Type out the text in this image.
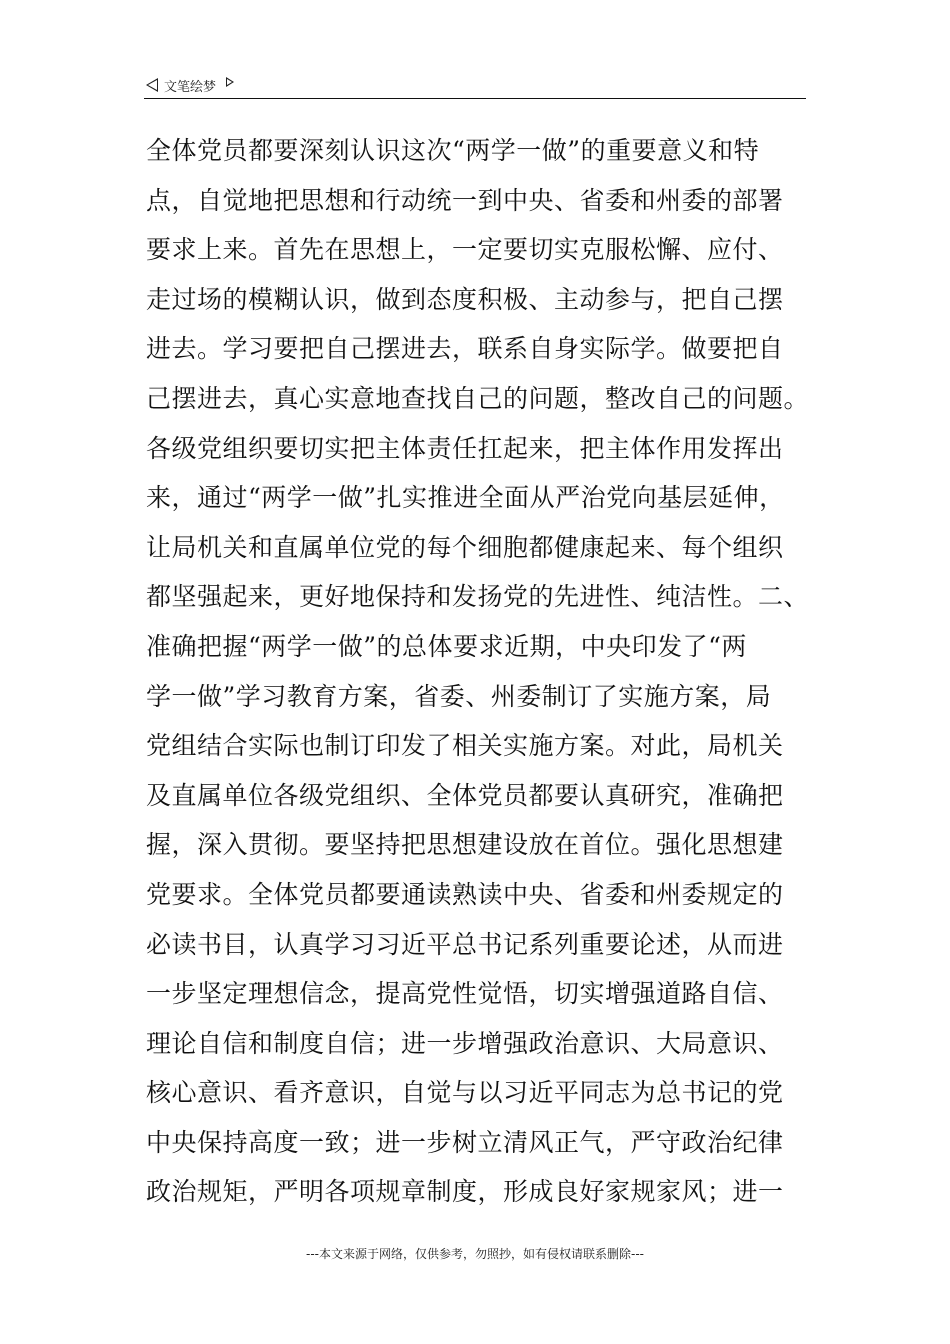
文笔绘梦
全体党员都要深刻认识这次“两学一做”的重要意义和特
点，自觉地把思想和行动统一到中央、省委和州委的部署
要求上来。首先在思想上，一定要切实克服松懈、应付、
走过场的模糊认识，做到态度积极、主动参与，把自己摆
进去。学习要把自己摆进去，联系自身实际学。做要把自
己摆进去，真心实意地查找自己的问题，整改自己的问题。
各级党组织要切实把主体责任扛起来，把主体作用发挥出
来，通过“两学一做”扎实推进全面从严治党向基层延伸，
让局机关和直属单位党的每个细胞都健康起来、每个组织
都坚强起来，更好地保持和发扬党的先进性、纯洁性。二、
准确把握“两学一做”的总体要求近期，中央印发了“两
学一做”学习教育方案，省委、州委制订了实施方案，局
党组结合实际也制订印发了相关实施方案。对此，局机关
及直属单位各级党组织、全体党员都要认真研究，准确把
握，深入贯彻。要坚持把思想建设放在首位。强化思想建
党要求。全体党员都要通读熟读中央、省委和州委规定的
必读书目，认真学习习近平总书记系列重要论述，从而进
一步坚定理想信念，提高党性觉悟，切实增强道路自信、
理论自信和制度自信；进一步增强政治意识、大局意识、
核心意识、看齐意识，自觉与以习近平同志为总书记的党
中央保持高度一致；进一步树立清风正气，严守政治纪律
政治规矩，严明各项规章制度，形成良好家规家风；进一
---本文来源于网络，仅供参考，勿照抄，如有侵权请联系删除---
